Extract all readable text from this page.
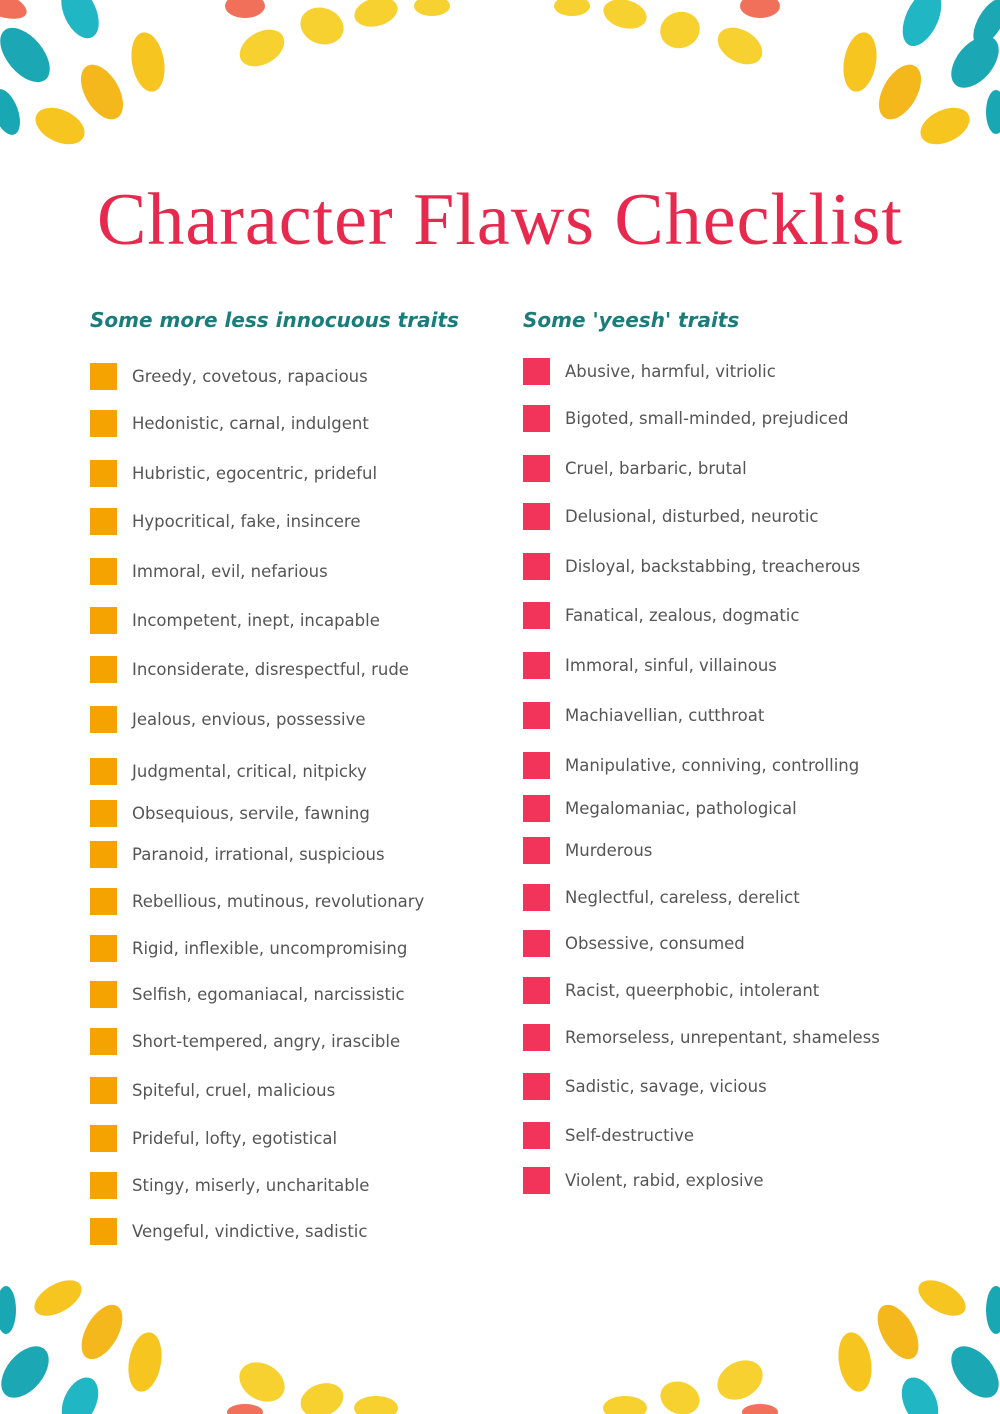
Character Flaws Checklist
Some more less innocuous traits	Some 'yeesh' traits
Greedy, covetous, rapacious
Hedonistic, carnal, indulgent
Hubristic, egocentric, prideful
Hypocritical, fake, insincere
Immoral, evil, nefarious
Incompetent, inept, incapable
Inconsiderate, disrespectful, rude
Jealous, envious, possessive
Judgmental, critical, nitpicky
Obsequious, servile, fawning
Paranoid, irrational, suspicious
Rebellious, mutinous, revolutionary
Rigid, inflexible, uncompromising
Selfish, egomaniacal, narcissistic
Short-tempered, angry, irascible
Spiteful, cruel, malicious
Prideful, lofty, egotistical
Stingy, miserly, uncharitable
Vengeful, vindictive, sadistic
Abusive, harmful, vitriolic
Bigoted, small-minded, prejudiced
Cruel, barbaric, brutal
Delusional, disturbed, neurotic
Disloyal, backstabbing, treacherous
Fanatical, zealous, dogmatic
Immoral, sinful, villainous
Machiavellian, cutthroat
Manipulative, conniving, controlling
Megalomaniac, pathological
Murderous
Neglectful, careless, derelict
Obsessive, consumed
Racist, queerphobic, intolerant
Remorseless, unrepentant, shameless
Sadistic, savage, vicious
Self-destructive
Violent, rabid, explosive
